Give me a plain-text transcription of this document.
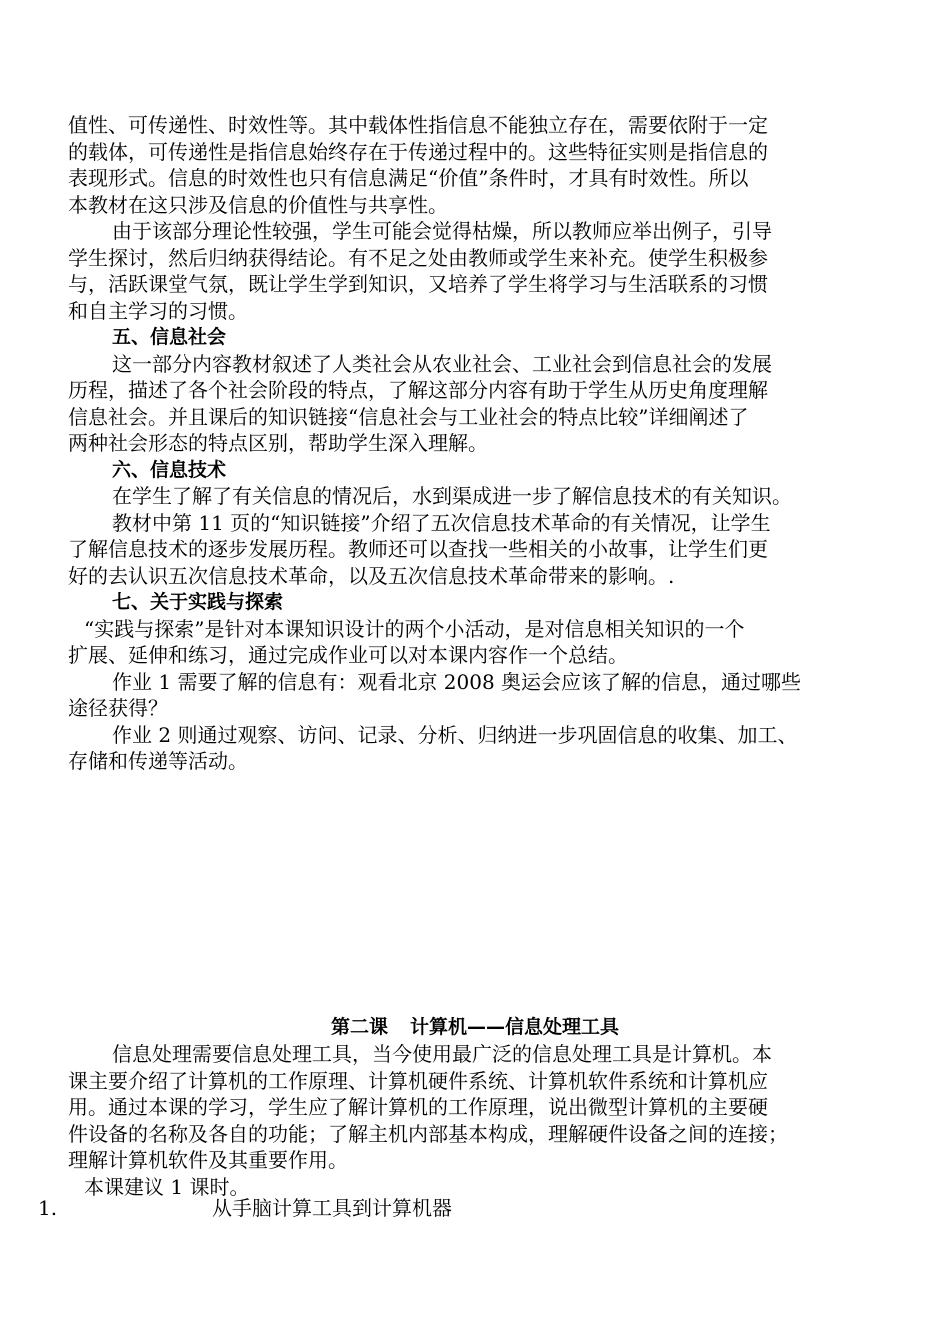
值性、可传递性、时效性等。其中载体性指信息不能独立存在，需要依附于一定
的载体，可传递性是指信息始终存在于传递过程中的。这些特征实则是指信息的
表现形式。信息的时效性也只有信息满足“价值”条件时，才具有时效性。所以
本教材在这只涉及信息的价值性与共享性。
由于该部分理论性较强，学生可能会觉得枯燥，所以教师应举出例子，引导
学生探讨，然后归纳获得结论。有不足之处由教师或学生来补充。使学生积极参
与，活跃课堂气氛，既让学生学到知识，又培养了学生将学习与生活联系的习惯
和自主学习的习惯。
五、信息社会
这一部分内容教材叙述了人类社会从农业社会、工业社会到信息社会的发展
历程，描述了各个社会阶段的特点，了解这部分内容有助于学生从历史角度理解
信息社会。并且课后的知识链接“信息社会与工业社会的特点比较”详细阐述了
两种社会形态的特点区别，帮助学生深入理解。
六、信息技术
在学生了解了有关信息的情况后，水到渠成进一步了解信息技术的有关知识。
教材中第 11 页的“知识链接”介绍了五次信息技术革命的有关情况，让学生
了解信息技术的逐步发展历程。教师还可以查找一些相关的小故事，让学生们更
好的去认识五次信息技术革命，以及五次信息技术革命带来的影响。.
七、关于实践与探索
“实践与探索”是针对本课知识设计的两个小活动，是对信息相关知识的一个
扩展、延伸和练习，通过完成作业可以对本课内容作一个总结。
作业 1 需要了解的信息有：观看北京 2008 奥运会应该了解的信息，通过哪些
途径获得？
作业 2 则通过观察、访问、记录、分析、归纳进一步巩固信息的收集、加工、
存储和传递等活动。
第二课 计算机——信息处理工具
信息处理需要信息处理工具，当今使用最广泛的信息处理工具是计算机。本
课主要介绍了计算机的工作原理、计算机硬件系统、计算机软件系统和计算机应
用。通过本课的学习，学生应了解计算机的工作原理，说出微型计算机的主要硬
件设备的名称及各自的功能；了解主机内部基本构成，理解硬件设备之间的连接；
理解计算机软件及其重要作用。
本课建议 1 课时。
1.	从手脑计算工具到计算机器
